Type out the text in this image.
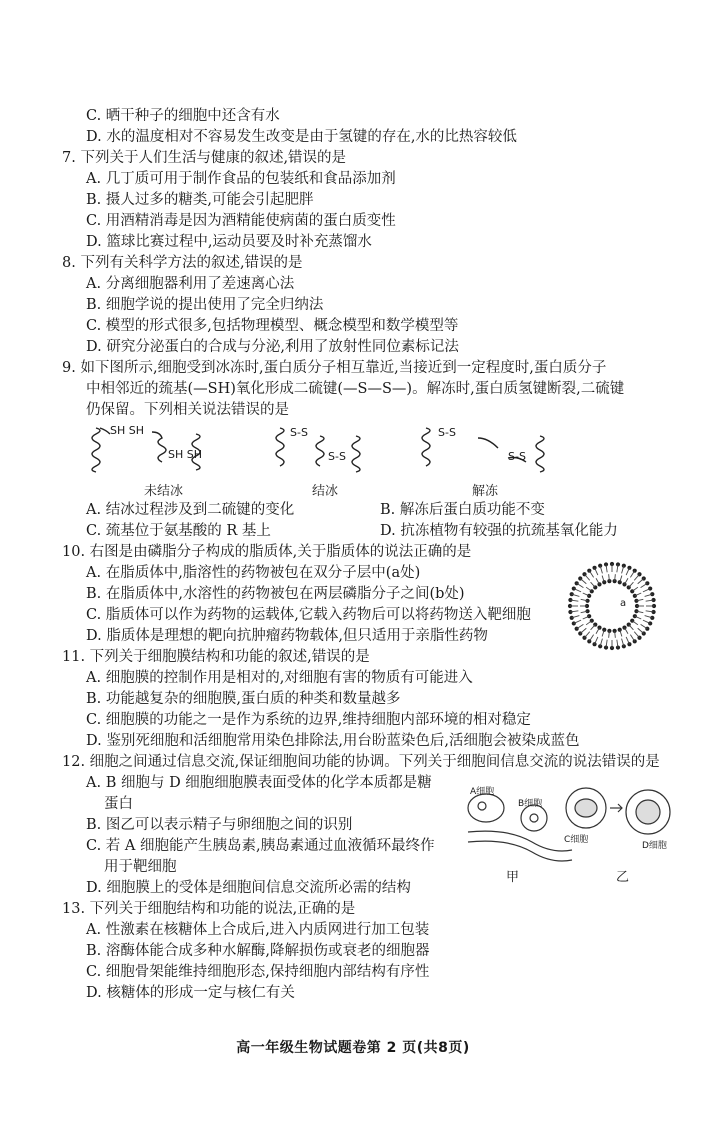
C. 晒干种子的细胞中还含有水
D. 水的温度相对不容易发生改变是由于氢键的存在,水的比热容较低
7. 下列关于人们生活与健康的叙述,错误的是
A. 几丁质可用于制作食品的包装纸和食品添加剂
B. 摄人过多的糖类,可能会引起肥胖
C. 用酒精消毒是因为酒精能使病菌的蛋白质变性
D. 篮球比赛过程中,运动员要及时补充蒸馏水
8. 下列有关科学方法的叙述,错误的是
A. 分离细胞器利用了差速离心法
B. 细胞学说的提出使用了完全归纳法
C. 模型的形式很多,包括物理模型、概念模型和数学模型等
D. 研究分泌蛋白的合成与分泌,利用了放射性同位素标记法
9. 如下图所示,细胞受到冰冻时,蛋白质分子相互靠近,当接近到一定程度时,蛋白质分子
中相邻近的巯基(—SH)氧化形成二硫键(—S—S—)。解冻时,蛋白质氢键断裂,二硫键
仍保留。下列相关说法错误的是
SH SH
SH SH
S-S
S-S
S-S
S-S
未结冰	结冰	解冻
A. 结冰过程涉及到二硫键的变化	B. 解冻后蛋白质功能不变
C. 巯基位于氨基酸的 R 基上	D. 抗冻植物有较强的抗巯基氧化能力
10. 右图是由磷脂分子构成的脂质体,关于脂质体的说法正确的是
A. 在脂质体中,脂溶性的药物被包在双分子层中(a处)
B. 在脂质体中,水溶性的药物被包在两层磷脂分子之间(b处)
C. 脂质体可以作为药物的运载体,它载入药物后可以将药物送入靶细胞
D. 脂质体是理想的靶向抗肿瘤药物载体,但只适用于亲脂性药物
a
11. 下列关于细胞膜结构和功能的叙述,错误的是
A. 细胞膜的控制作用是相对的,对细胞有害的物质有可能进入
B. 功能越复杂的细胞膜,蛋白质的种类和数量越多
C. 细胞膜的功能之一是作为系统的边界,维持细胞内部环境的相对稳定
D. 鉴别死细胞和活细胞常用染色排除法,用台盼蓝染色后,活细胞会被染成蓝色
12. 细胞之间通过信息交流,保证细胞间功能的协调。下列关于细胞间信息交流的说法错误的是
A. B 细胞与 D 细胞细胞膜表面受体的化学本质都是糖
蛋白
B. 图乙可以表示精子与卵细胞之间的识别
C. 若 A 细胞能产生胰岛素,胰岛素通过血液循环最终作
用于靶细胞
D. 细胞膜上的受体是细胞间信息交流所必需的结构
A细胞
B细胞
C细胞
D细胞
甲	乙
13. 下列关于细胞结构和功能的说法,正确的是
A. 性激素在核糖体上合成后,进入内质网进行加工包装
B. 溶酶体能合成多种水解酶,降解损伤或衰老的细胞器
C. 细胞骨架能维持细胞形态,保持细胞内部结构有序性
D. 核糖体的形成一定与核仁有关
高一年级生物试题卷第 2 页(共8页)
